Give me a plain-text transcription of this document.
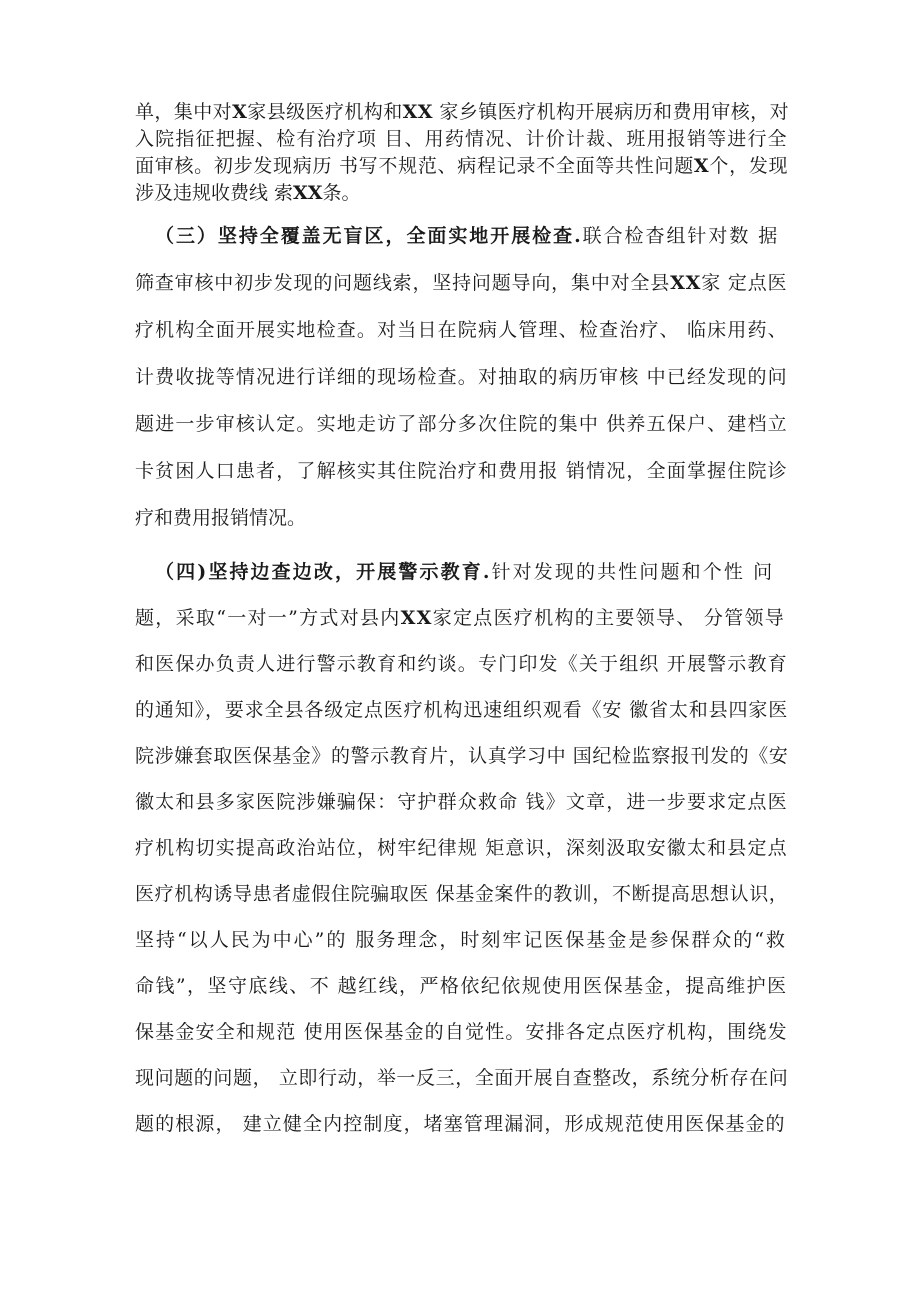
单，集中对X家县级医疗机构和XX 家乡镇医疗机构开展病历和费用审核，对
入院指征把握、检有治疗项 目、用药情况、计价计裁、班用报销等进行全
面审核。初步发现病历 书写不规范、病程记录不全面等共性问题X个，发现
涉及违规收费线 索XX条。
（三）坚持全覆盖无盲区，全面实地开展检查.联合检杳组针对数 据
筛查审核中初步发现的问题线索，坚持问题导向，集中对全县XX家 定点医
疗机构全面开展实地检查。对当日在院病人管理、检查治疗、 临床用药、
计费收拢等情况进行详细的现场检查。对抽取的病历审核 中已经发现的问
题进一步审核认定。实地走访了部分多次住院的集中 供养五保户、建档立
卡贫困人口患者，了解核实其住院治疗和费用报 销情况，全面掌握住院诊
疗和费用报销情况。
（四)坚持边查边改，开展警示教育.针对发现的共性问题和个性 问
题，采取“一对一”方式对县内XX家定点医疗机构的主要领导、 分管领导
和医保办负责人进行警示教育和约谈。专门印发《关于组织 开展警示教育
的通知》，要求全县各级定点医疗机构迅速组织观看《安 徽省太和县四家医
院涉嫌套取医保基金》的警示教育片，认真学习中 国纪检监察报刊发的《安
徽太和县多家医院涉嫌骗保：守护群众救命 钱》文章，进一步要求定点医
疗机构切实提高政治站位，树牢纪律规 矩意识，深刻汲取安徽太和县定点
医疗机构诱导患者虚假住院骗取医 保基金案件的教训，不断提高思想认识，
坚持“以人民为中心”的 服务理念，时刻牢记医保基金是参保群众的“救
命钱”，坚守底线、不 越红线，严格依纪依规使用医保基金，提高维护医
保基金安全和规范 使用医保基金的自觉性。安排各定点医疗机构，围绕发
现问题的问题， 立即行动，举一反三，全面开展自查整改，系统分析存在问
题的根源， 建立健全内控制度，堵塞管理漏洞，形成规范使用医保基金的
